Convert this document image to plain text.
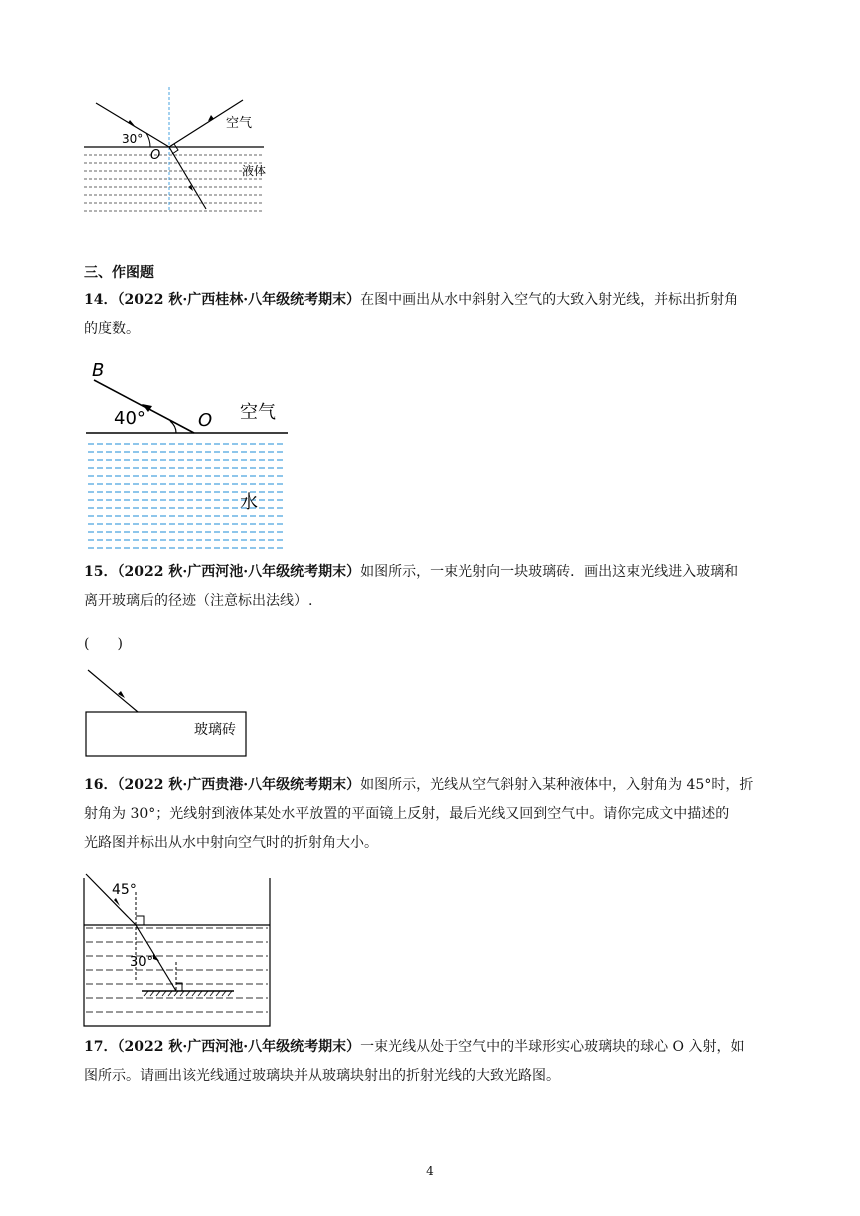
30°
O
空气
液体
三、作图题
14．（2022 秋·广西桂林·八年级统考期末）在图中画出从水中斜射入空气的大致入射光线，并标出折射角
的度数。
B
40°	O 空气
水
15．（2022 秋·广西河池·八年级统考期末）如图所示，一束光射向一块玻璃砖．画出这束光线进入玻璃和
离开玻璃后的径迹（注意标出法线）.
(　　)
玻璃砖
16．（2022 秋·广西贵港·八年级统考期末）如图所示，光线从空气斜射入某种液体中，入射角为 45°时，折
射角为 30°；光线射到液体某处水平放置的平面镜上反射，最后光线又回到空气中。请你完成文中描述的
光路图并标出从水中射向空气时的折射角大小。
45°
30°
17．（2022 秋·广西河池·八年级统考期末）一束光线从处于空气中的半球形实心玻璃块的球心 O 入射，如
图所示。请画出该光线通过玻璃块并从玻璃块射出的折射光线的大致光路图。
4
